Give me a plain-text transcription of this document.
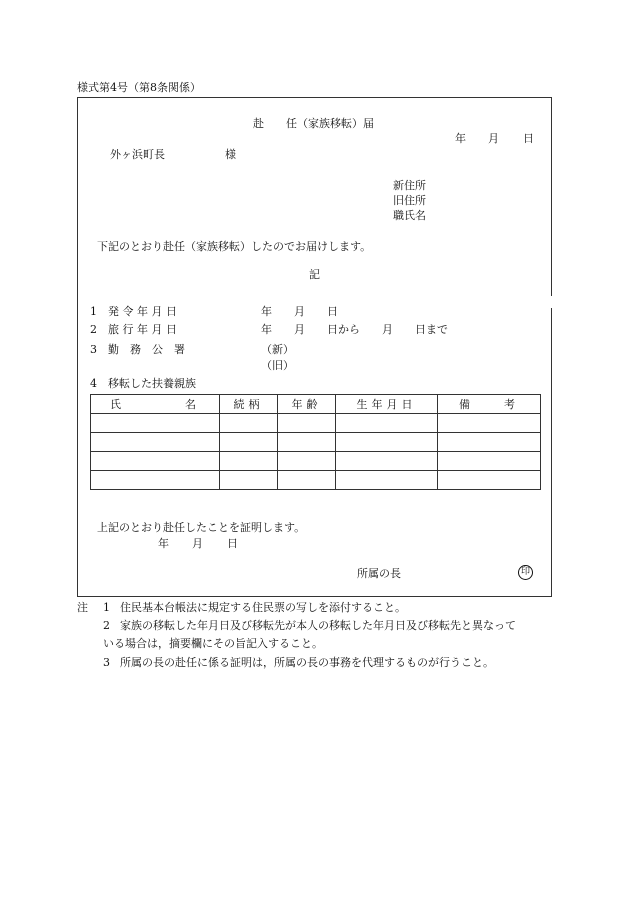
様式第4号（第8条関係）
赴　　任（家族移転）届
年 月 日
外ヶ浜町長	様
新住所
旧住所
職氏名
下記のとおり赴任（家族移転）したのでお届けします。
記
1 発 令 年 月 日	年　　月　　日
2 旅 行 年 月 日	年　　月　　日から　　月　　日まで
3 勤　務　公　署	（新）
（旧）
4 移転した扶養親族
氏　　　　名	続柄	年齢	生年月日	備　　考

上記のとおり赴任したことを証明します。
年 月 日
所属の長	印
注 1 住民基本台帳法に規定する住民票の写しを添付すること。
2 家族の移転した年月日及び移転先が本人の移転した年月日及び移転先と異なって
いる場合は，摘要欄にその旨記入すること。
3 所属の長の赴任に係る証明は，所属の長の事務を代理するものが行うこと。
